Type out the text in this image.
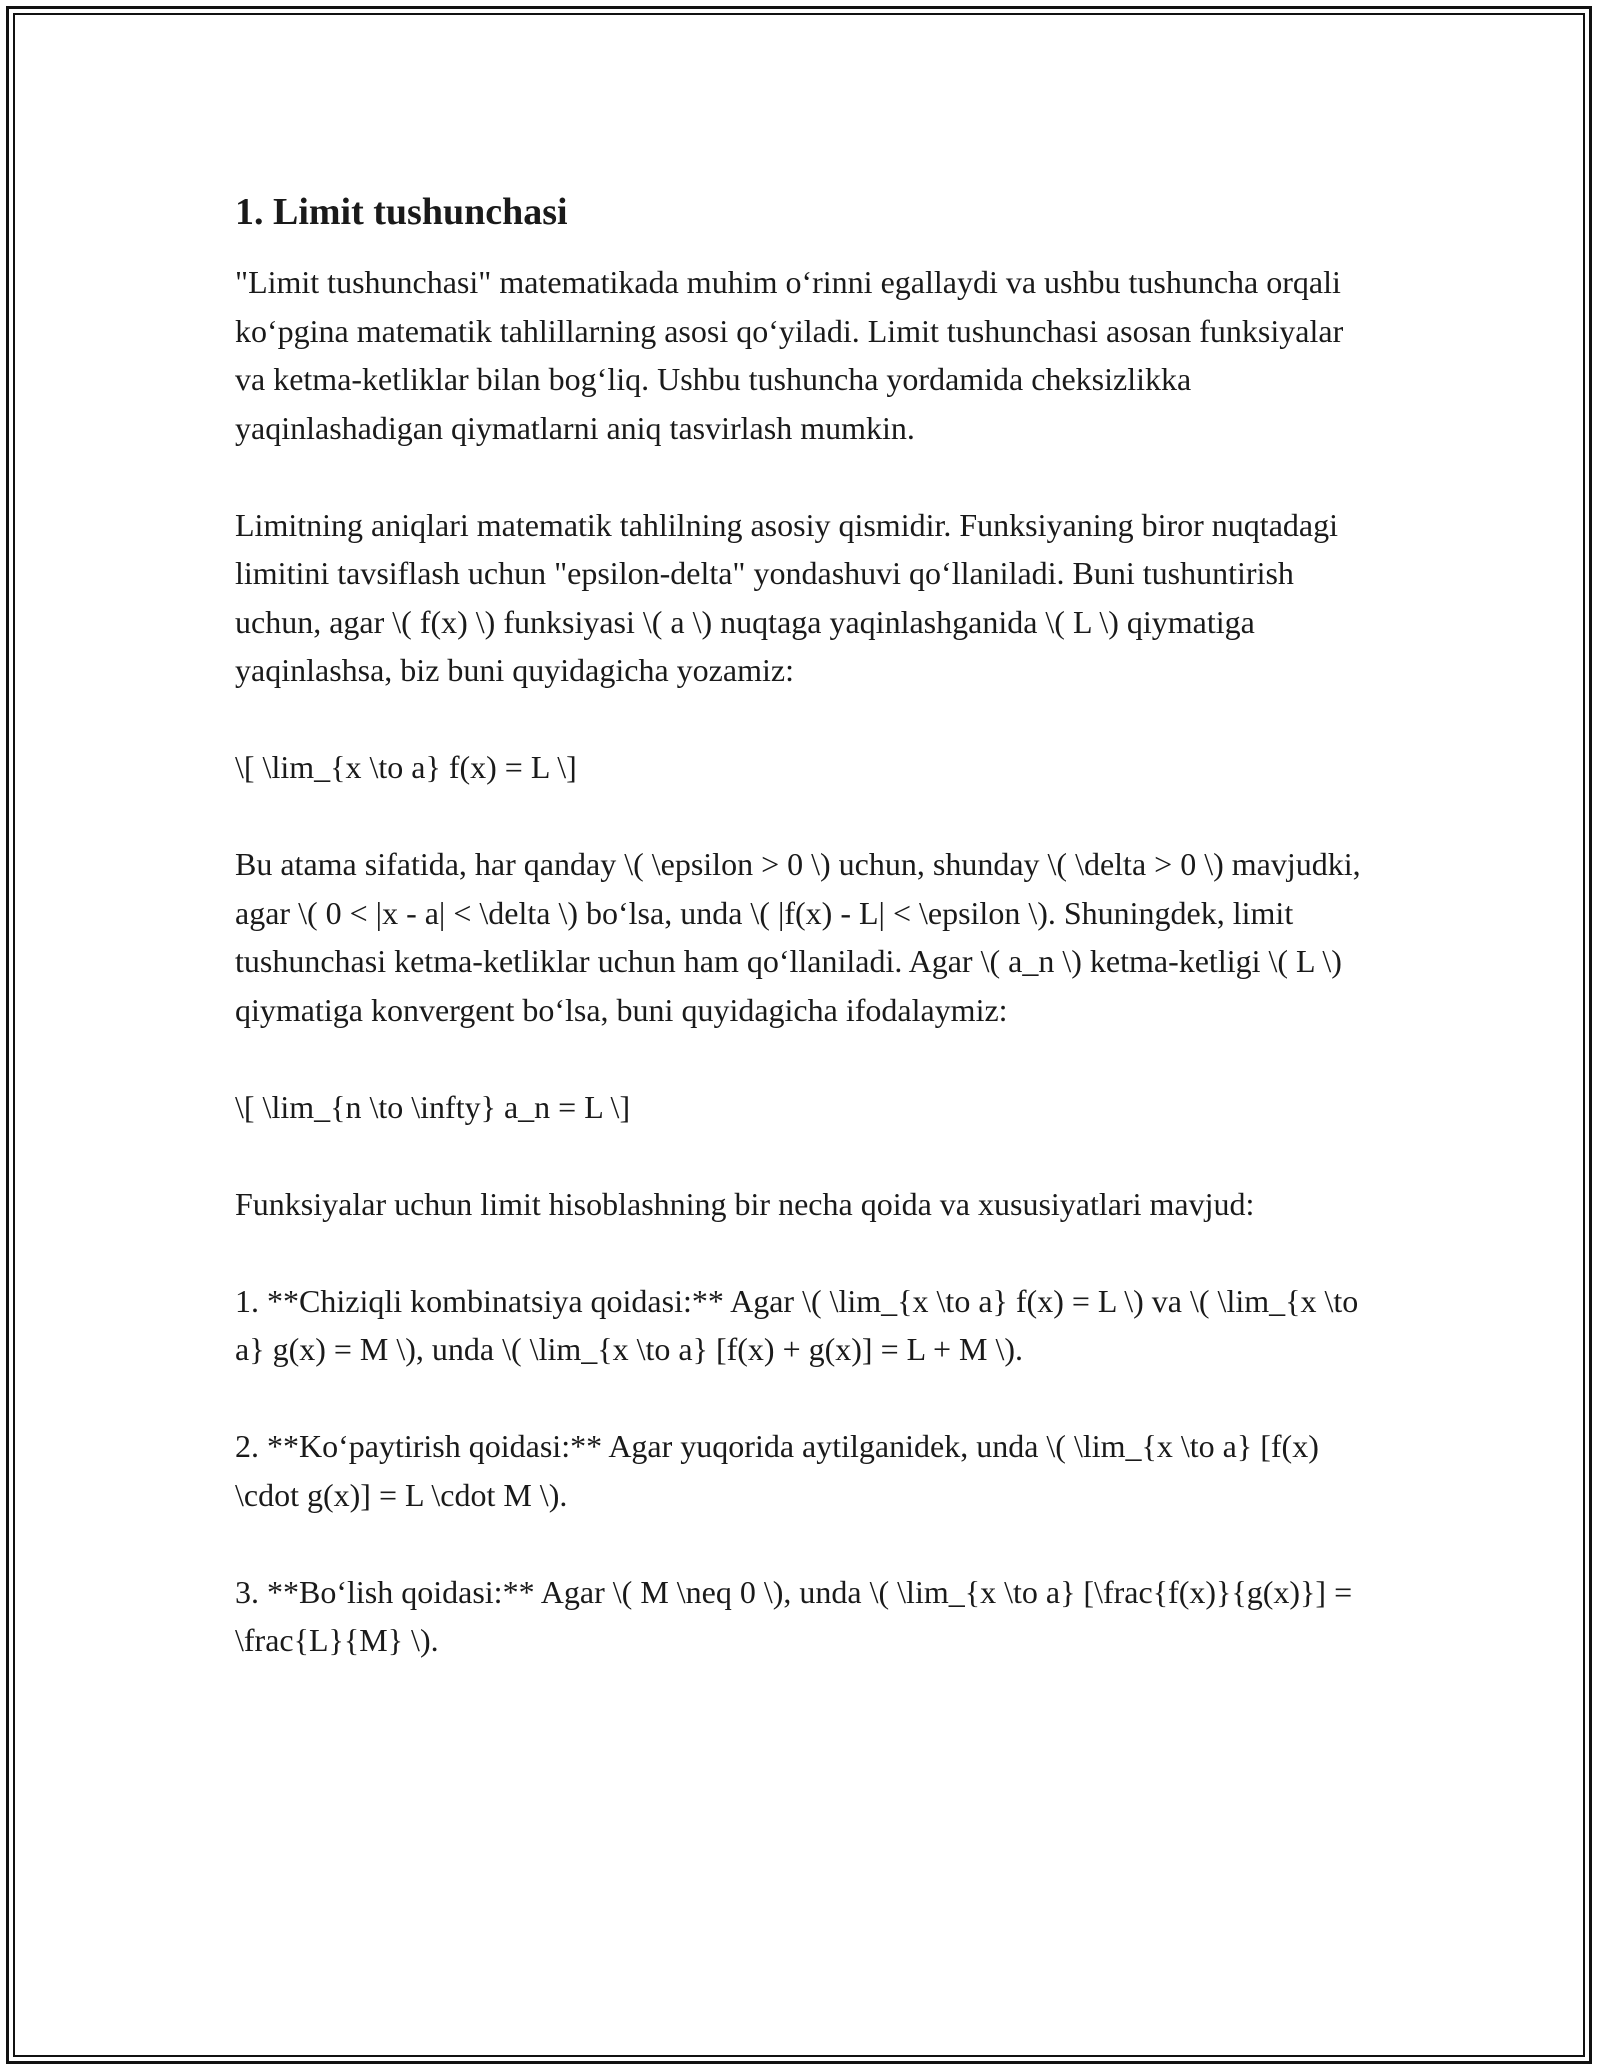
1. Limit tushunchasi

"Limit tushunchasi" matematikada muhim o‘rinni egallaydi va ushbu tushuncha orqali ko‘pgina matematik tahlillarning asosi qo‘yiladi. Limit tushunchasi asosan funksiyalar va ketma-ketliklar bilan bog‘liq. Ushbu tushuncha yordamida cheksizlikka yaqinlashadigan qiymatlarni aniq tasvirlash mumkin.

Limitning aniqlari matematik tahlilning asosiy qismidir. Funksiyaning biror nuqtadagi limitini tavsiflash uchun "epsilon-delta" yondashuvi qo‘llaniladi. Buni tushuntirish uchun, agar \( f(x) \) funksiyasi \( a \) nuqtaga yaqinlashganida \( L \) qiymatiga yaqinlashsa, biz buni quyidagicha yozamiz:

\[ \lim_{x \to a} f(x) = L \]

Bu atama sifatida, har qanday \( \epsilon > 0 \) uchun, shunday \( \delta > 0 \) mavjudki, agar \( 0 < |x - a| < \delta \) bo‘lsa, unda \( |f(x) - L| < \epsilon \). Shuningdek, limit tushunchasi ketma-ketliklar uchun ham qo‘llaniladi. Agar \( a_n \) ketma-ketligi \( L \) qiymatiga konvergent bo‘lsa, buni quyidagicha ifodalaymiz:

\[ \lim_{n \to \infty} a_n = L \]

Funksiyalar uchun limit hisoblashning bir necha qoida va xususiyatlari mavjud:

1. **Chiziqli kombinatsiya qoidasi:** Agar \( \lim_{x \to a} f(x) = L \) va \( \lim_{x \to a} g(x) = M \), unda \( \lim_{x \to a} [f(x) + g(x)] = L + M \).

2. **Ko‘paytirish qoidasi:** Agar yuqorida aytilganidek, unda \( \lim_{x \to a} [f(x) \cdot g(x)] = L \cdot M \).

3. **Bo‘lish qoidasi:** Agar \( M \neq 0 \), unda \( \lim_{x \to a} [\frac{f(x)}{g(x)}] = \frac{L}{M} \).
